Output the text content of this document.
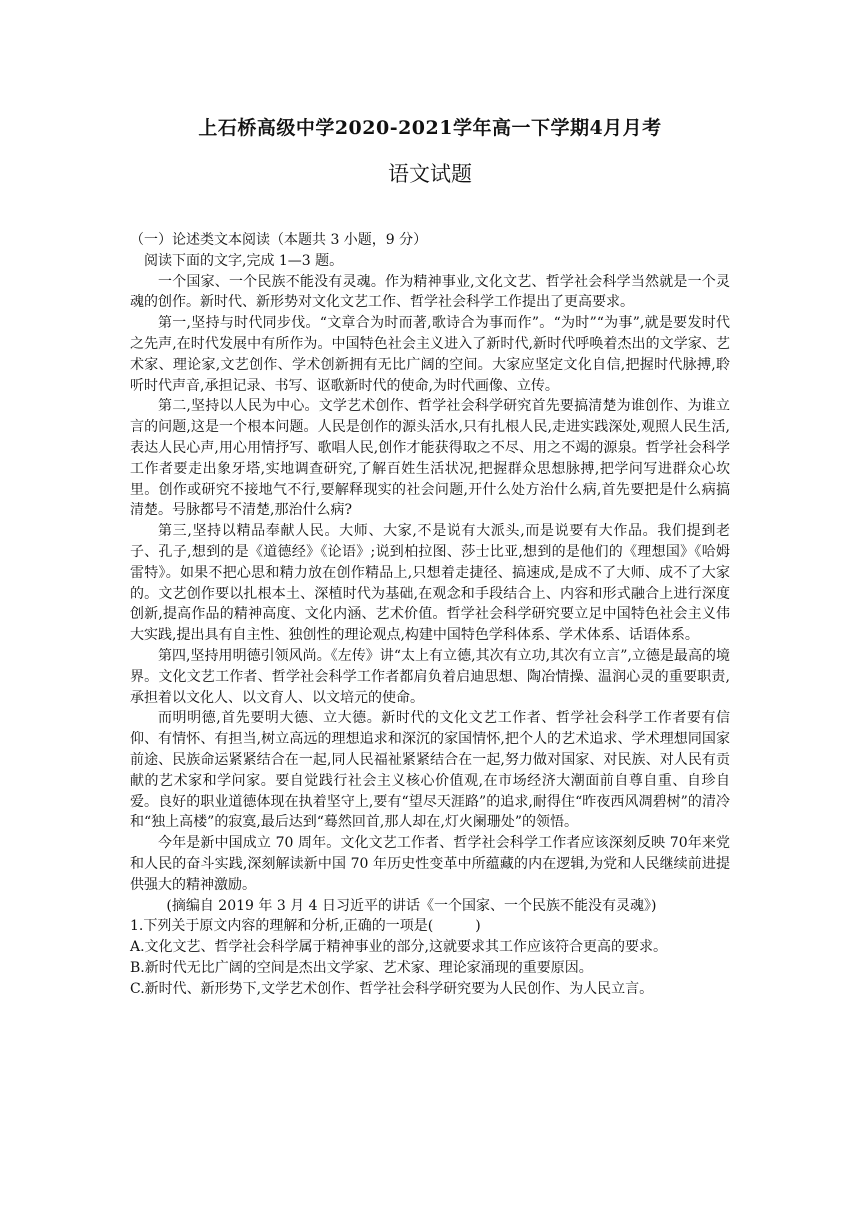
上石桥高级中学2020-2021学年高一下学期4月月考
语文试题

（一）论述类文本阅读（本题共 3 小题，9 分）

阅读下面的文字,完成 1—3 题。

一个国家、一个民族不能没有灵魂。作为精神事业,文化文艺、哲学社会科学当然就是一个灵魂的创作。新时代、新形势对文化文艺工作、哲学社会科学工作提出了更高要求。

第一,坚持与时代同步伐。“文章合为时而著,歌诗合为事而作”。“为时”“为事”,就是要发时代之先声,在时代发展中有所作为。中国特色社会主义进入了新时代,新时代呼唤着杰出的文学家、艺术家、理论家,文艺创作、学术创新拥有无比广阔的空间。大家应坚定文化自信,把握时代脉搏,聆听时代声音,承担记录、书写、讴歌新时代的使命,为时代画像、立传。

第二,坚持以人民为中心。文学艺术创作、哲学社会科学研究首先要搞清楚为谁创作、为谁立言的问题,这是一个根本问题。人民是创作的源头活水,只有扎根人民,走进实践深处,观照人民生活,表达人民心声,用心用情抒写、歌唱人民,创作才能获得取之不尽、用之不竭的源泉。哲学社会科学工作者要走出象牙塔,实地调查研究,了解百姓生活状况,把握群众思想脉搏,把学问写进群众心坎里。创作或研究不接地气不行,要解释现实的社会问题,开什么处方治什么病,首先要把是什么病搞清楚。号脉都号不清楚,那治什么病?

第三,坚持以精品奉献人民。大师、大家,不是说有大派头,而是说要有大作品。我们提到老子、孔子,想到的是《道德经》《论语》;说到柏拉图、莎士比亚,想到的是他们的《理想国》《哈姆雷特》。如果不把心思和精力放在创作精品上,只想着走捷径、搞速成,是成不了大师、成不了大家的。文艺创作要以扎根本土、深植时代为基础,在观念和手段结合上、内容和形式融合上进行深度创新,提高作品的精神高度、文化内涵、艺术价值。哲学社会科学研究要立足中国特色社会主义伟大实践,提出具有自主性、独创性的理论观点,构建中国特色学科体系、学术体系、话语体系。

第四,坚持用明德引领风尚。《左传》讲“太上有立德,其次有立功,其次有立言”,立德是最高的境界。文化文艺工作者、哲学社会科学工作者都肩负着启迪思想、陶冶情操、温润心灵的重要职责,承担着以文化人、以文育人、以文培元的使命。

而明明德,首先要明大德、立大德。新时代的文化文艺工作者、哲学社会科学工作者要有信仰、有情怀、有担当,树立高远的理想追求和深沉的家国情怀,把个人的艺术追求、学术理想同国家前途、民族命运紧紧结合在一起,同人民福祉紧紧结合在一起,努力做对国家、对民族、对人民有贡献的艺术家和学问家。要自觉践行社会主义核心价值观,在市场经济大潮面前自尊自重、自珍自爱。良好的职业道德体现在执着坚守上,要有“望尽天涯路”的追求,耐得住“昨夜西风凋碧树”的清冷和“独上高楼”的寂寞,最后达到“蓦然回首,那人却在,灯火阑珊处”的领悟。

今年是新中国成立 70 周年。文化文艺工作者、哲学社会科学工作者应该深刻反映 70年来党和人民的奋斗实践,深刻解读新中国 70 年历史性变革中所蕴藏的内在逻辑,为党和人民继续前进提供强大的精神激励。

(摘编自 2019 年 3 月 4 日习近平的讲话《一个国家、一个民族不能没有灵魂》)

1.下列关于原文内容的理解和分析,正确的一项是(　　　)

A.文化文艺、哲学社会科学属于精神事业的部分,这就要求其工作应该符合更高的要求。

B.新时代无比广阔的空间是杰出文学家、艺术家、理论家涌现的重要原因。

C.新时代、新形势下,文学艺术创作、哲学社会科学研究要为人民创作、为人民立言。
